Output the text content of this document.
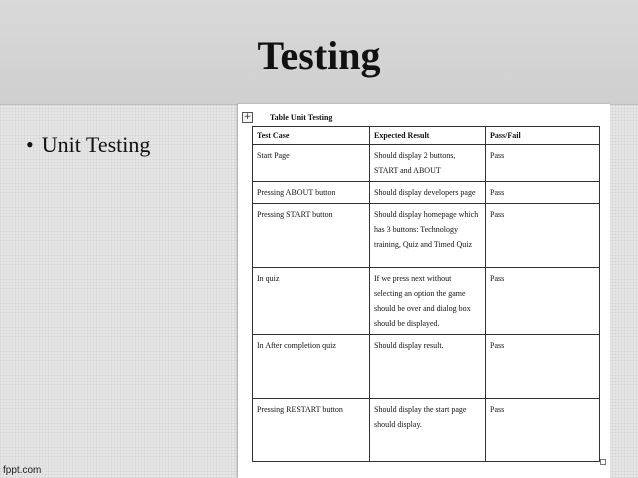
Testing
• Unit Testing
+ Table Unit Testing
Test Case	Expected Result	Pass/Fail
Start Page	Should display 2 buttons, START and ABOUT	Pass
Pressing ABOUT button	Should display developers page	Pass
Pressing START button	Should display homepage which has 3 buttons: Technology training, Quiz and Timed Quiz	Pass
In quiz	If we press next without selecting an option the game should be over and dialog box should be displayed.	Pass
In After completion quiz	Should display result.	Pass
Pressing RESTART button	Should display the start page should display.	Pass
fppt.com
